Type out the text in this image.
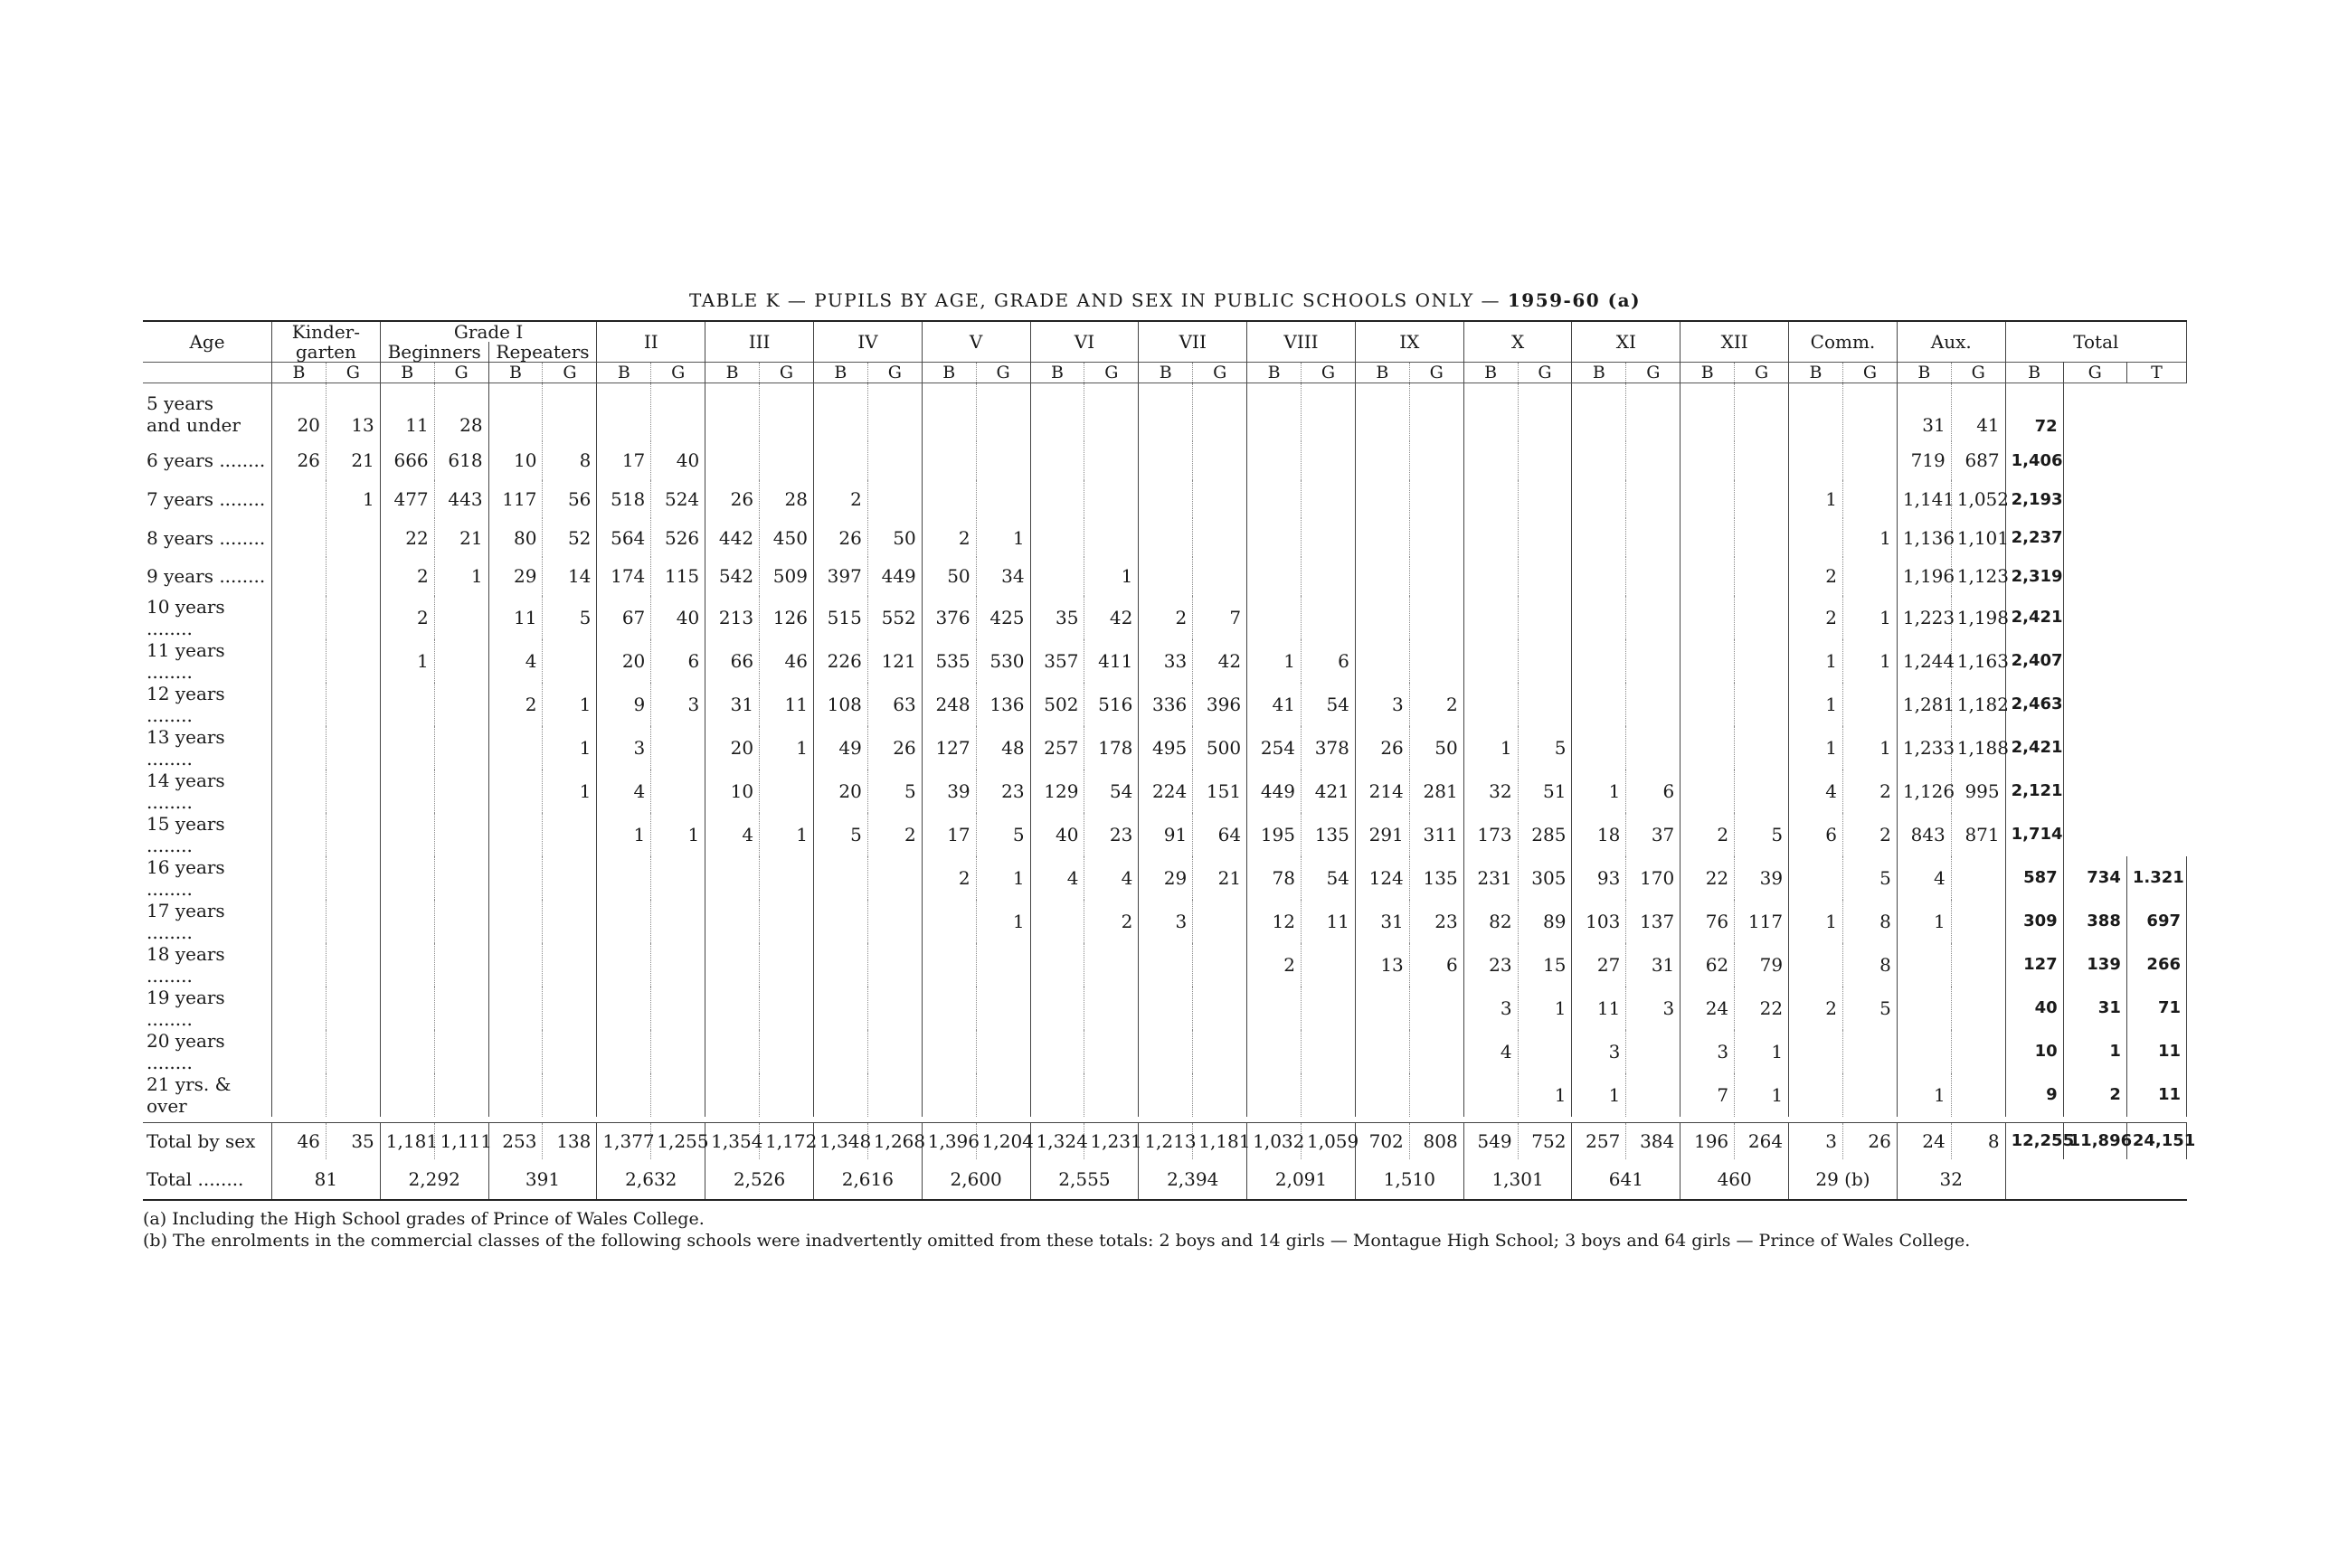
TABLE K — PUPILS BY AGE, GRADE AND SEX IN PUBLIC SCHOOLS ONLY — 1959-60 (a)
Age	Kinder-
garten		Grade I				II		III		IV		V		VI		VII		VIII		IX		X		XI		XII		Comm.		Aux.		Total		
			Beginners		Repeaters																														
	B	G	B	G	B	G	B	G	B	G	B	G	B	G	B	G	B	G	B	G	B	G	B	G	B	G	B	G	B	G	B	G	B	G	T
5 years
and under	20	13	11	28																											31	41	72		
6 years ........	26	21	666	618	10	8	17	40																							719	687	1,406		
7 years ........		1	477	443	117	56	518	524	26	28	2																		1		1,141	1,052	2,193		
8 years ........			22	21	80	52	564	526	442	450	26	50	2	1																1	1,136	1,101	2,237		
9 years ........			2	1	29	14	174	115	542	509	397	449	50	34		1													2		1,196	1,123	2,319		
10 years ........			2		11	5	67	40	213	126	515	552	376	425	35	42	2	7											2	1	1,223	1,198	2,421		
11 years ........			1		4		20	6	66	46	226	121	535	530	357	411	33	42	1	6									1	1	1,244	1,163	2,407		
12 years ........					2	1	9	3	31	11	108	63	248	136	502	516	336	396	41	54	3	2							1		1,281	1,182	2,463		
13 years ........						1	3		20	1	49	26	127	48	257	178	495	500	254	378	26	50	1	5					1	1	1,233	1,188	2,421		
14 years ........						1	4		10		20	5	39	23	129	54	224	151	449	421	214	281	32	51	1	6			4	2	1,126	995	2,121		
15 years ........							1	1	4	1	5	2	17	5	40	23	91	64	195	135	291	311	173	285	18	37	2	5	6	2	843	871	1,714		
16 years ........													2	1	4	4	29	21	78	54	124	135	231	305	93	170	22	39		5	4		587	734	1.321
17 years ........														1		2	3		12	11	31	23	82	89	103	137	76	117	1	8	1		309	388	697
18 years ........																			2		13	6	23	15	27	31	62	79		8			127	139	266
19 years ........																							3	1	11	3	24	22	2	5			40	31	71
20 years ........																							4		3		3	1					10	1	11
21 yrs. & over																								1	1		7	1			1		9	2	11

Total by sex	46	35	1,181	1,111	253	138	1,377	1,255	1,354	1,172	1,348	1,268	1,396	1,204	1,324	1,231	1,213	1,181	1,032	1,059	702	808	549	752	257	384	196	264	3	26	24	8	12,255	11,896	24,151
Total ........	81		2,292		391		2,632		2,526		2,616		2,600		2,555		2,394		2,091		1,510		1,301		641		460		29 (b)		32				
(a) Including the High School grades of Prince of Wales College.
(b) The enrolments in the commercial classes of the following schools were inadvertently omitted from these totals: 2 boys and 14 girls — Montague High School; 3 boys and 64 girls — Prince of Wales College.
